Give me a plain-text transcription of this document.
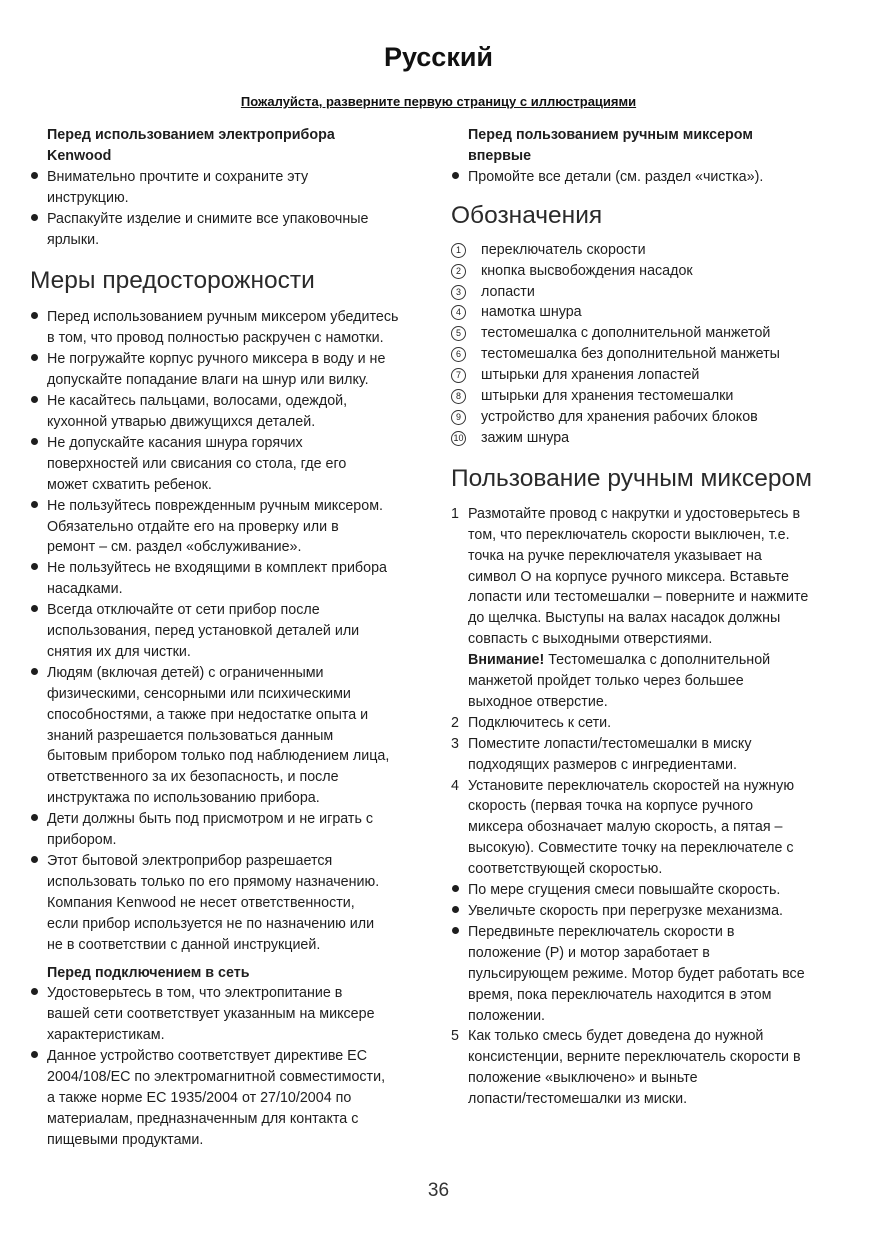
Русский
Пожалуйста, разверните первую страницу с иллюстрациями
Перед использованием электроприбора
Kenwood
Внимательно прочтите и сохраните эту
инструкцию.
Распакуйте изделие и снимите все упаковочные
ярлыки.
Меры предосторожности
Перед использованием ручным миксером убедитесь
в том, что провод полностью раскручен с намотки.
Не погружайте корпус ручного миксера в воду и не
допускайте попадание влаги на шнур или вилку.
Не касайтесь пальцами, волосами, одеждой,
кухонной утварью движущихся деталей.
Не допускайте касания шнура горячих
поверхностей или свисания со стола, где его
может схватить ребенок.
Не пользуйтесь поврежденным ручным миксером.
Обязательно отдайте его на проверку или в
ремонт – см. раздел «обслуживание».
Не пользуйтесь не входящими в комплект прибора
насадками.
Всегда отключайте от сети прибор после
использования, перед установкой деталей или
снятия их для чистки.
Людям (включая детей) с ограниченными
физическими, сенсорными или психическими
способностями, а также при недостатке опыта и
знаний разрешается пользоваться данным
бытовым прибором только под наблюдением лица,
ответственного за их безопасность, и после
инструктажа по использованию прибора.
Дети должны быть под присмотром и не играть с
прибором.
Этот бытовой электроприбор разрешается
использовать только по его прямому назначению.
Компания Kenwood не несет ответственности,
если прибор используется не по назначению или
не в соответствии с данной инструкцией.
Перед подключением в сеть
Удостоверьтесь в том, что электропитание в
вашей сети соответствует указанным на миксере
характеристикам.
Данное устройство соответствует директиве ЕС
2004/108/EC по электромагнитной совместимости,
а также норме ЕС 1935/2004 от 27/10/2004 по
материалам, предназначенным для контакта с
пищевыми продуктами.
Перед пользованием ручным миксером
впервые
Промойте все детали (см. раздел «чистка»).
Обозначения
1	переключатель скорости
2	кнопка высвобождения насадок
3	лопасти
4	намотка шнура
5	тестомешалка с дополнительной манжетой
6	тестомешалка без дополнительной манжеты
7	штырьки для хранения лопастей
8	штырьки для хранения тестомешалки
9	устройство для хранения рабочих блоков
10 зажим шнура
Пользование ручным миксером
1 Размотайте провод с накрутки и удостоверьтесь в
том, что переключатель скорости выключен, т.е.
точка на ручке переключателя указывает на
символ О на корпусе ручного миксера. Вставьте
лопасти или тестомешалки – поверните и нажмите
до щелчка. Выступы на валах насадок должны
совпасть с выходными отверстиями.
Внимание! Тестомешалка с дополнительной
манжетой пройдет только через большее
выходное отверстие.
2 Подключитесь к сети.
3 Поместите лопасти/тестомешалки в миску
подходящих размеров с ингредиентами.
4 Установите переключатель скоростей на нужную
скорость (первая точка на корпусе ручного
миксера обозначает малую скорость, а пятая –
высокую). Совместите точку на переключателе с
соответствующей скоростью.
По мере сгущения смеси повышайте скорость.
Увеличьте скорость при перегрузке механизма.
Передвиньте переключатель скорости в
положение (P) и мотор заработает в
пульсирующем режиме. Мотор будет работать все
время, пока переключатель находится в этом
положении.
5 Как только смесь будет доведена до нужной
консистенции, верните переключатель скорости в
положение «выключено» и выньте
лопасти/тестомешалки из миски.
36
